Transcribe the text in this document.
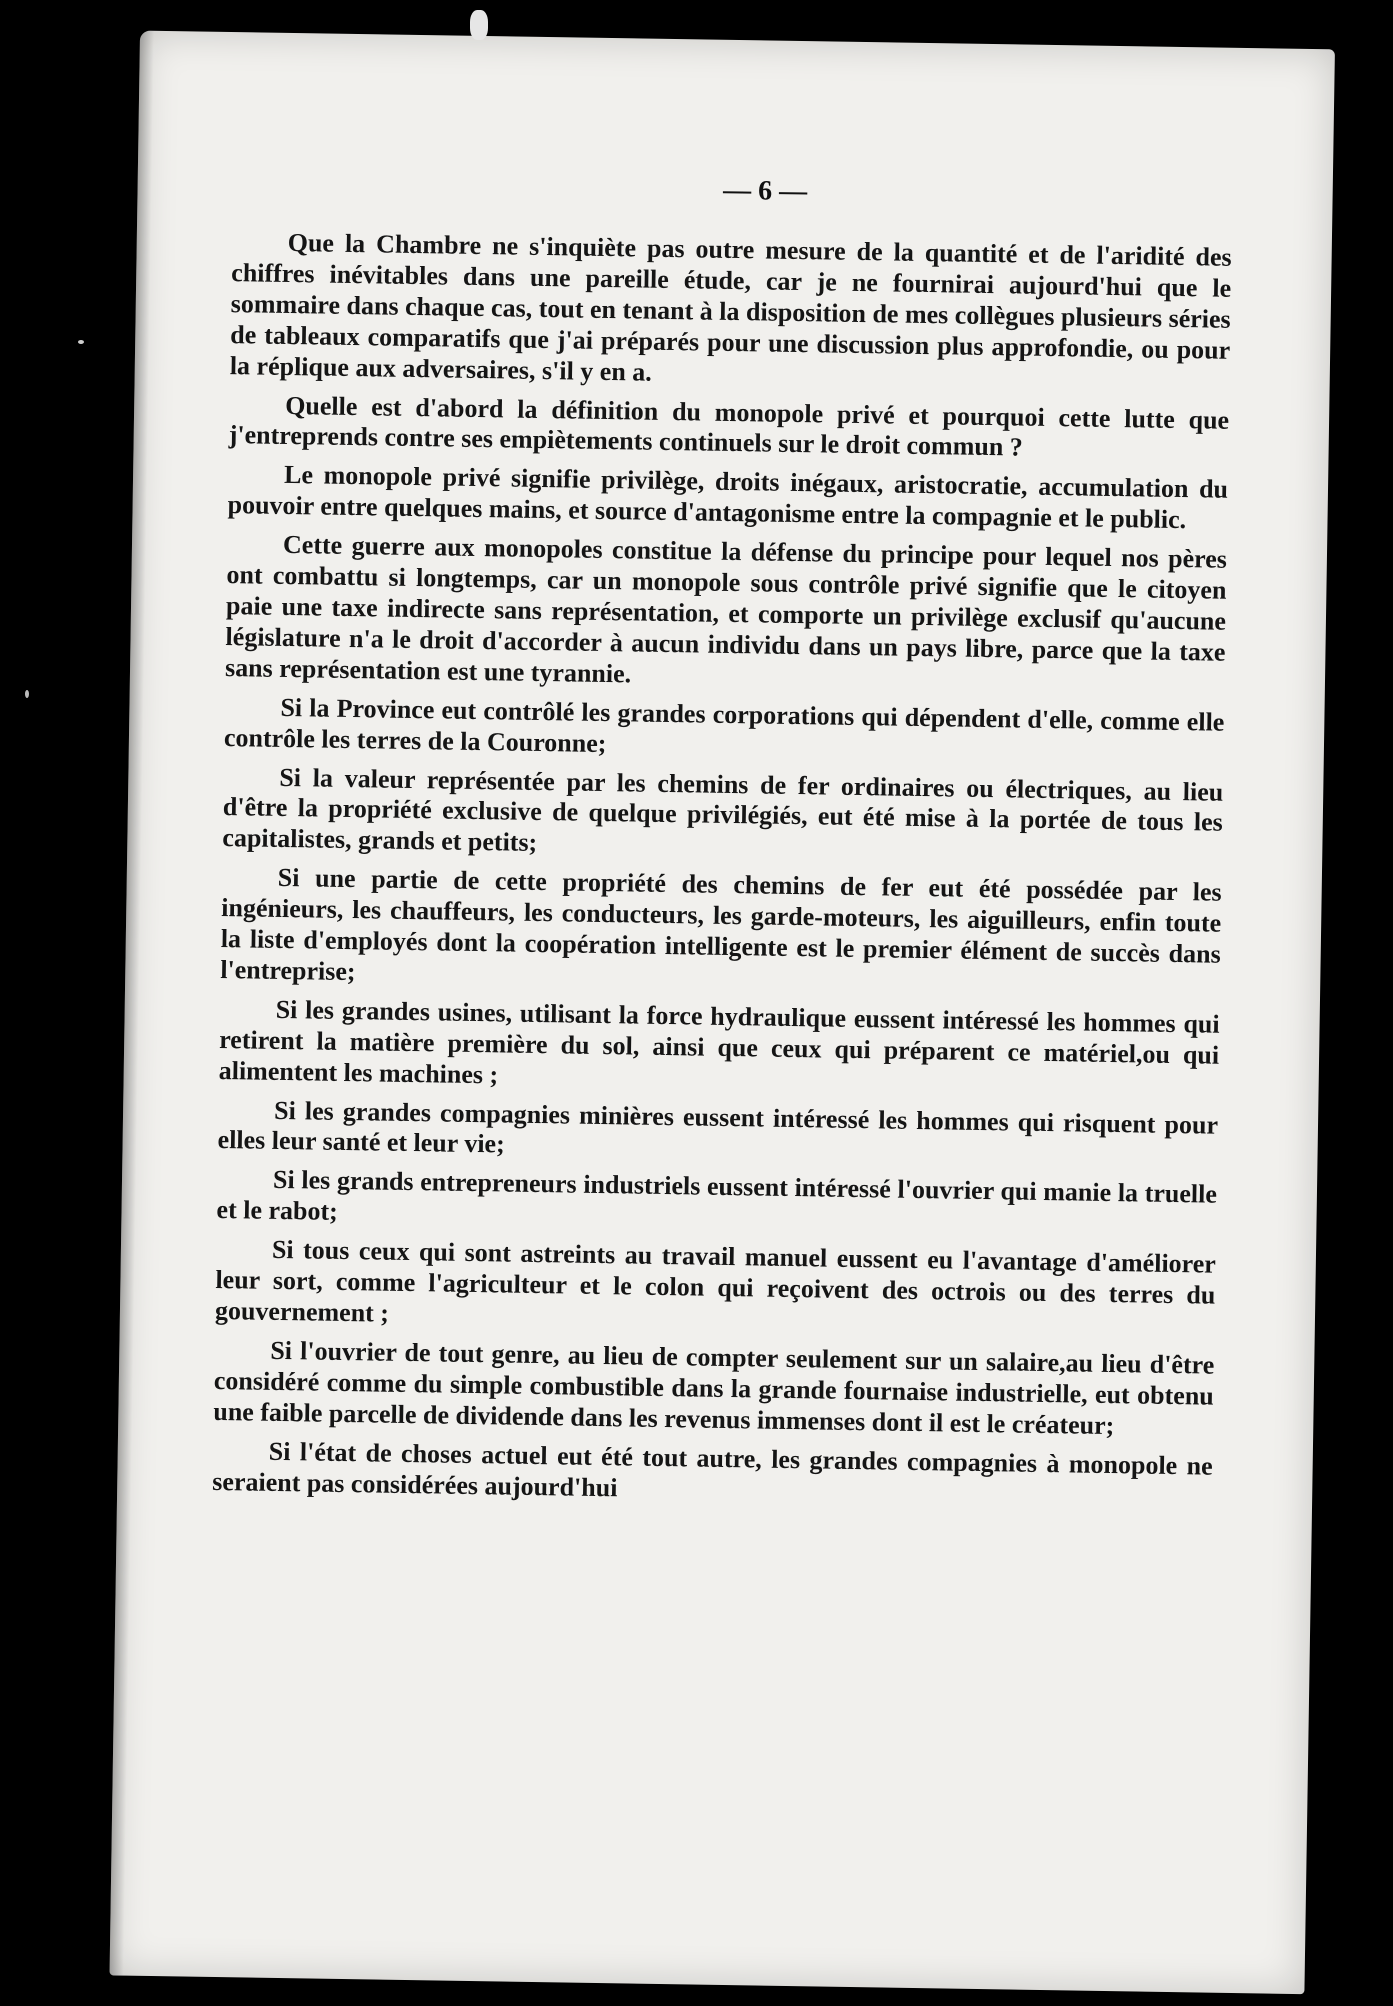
— 6 —

Que la Chambre ne s'inquiète pas outre mesure de la quantité et de l'aridité des chiffres inévitables dans une pareille étude, car je ne fournirai aujourd'hui que le sommaire dans chaque cas, tout en tenant à la disposition de mes collègues plusieurs séries de tableaux comparatifs que j'ai préparés pour une discussion plus approfondie, ou pour la réplique aux adversaires, s'il y en a.

Quelle est d'abord la définition du monopole privé et pourquoi cette lutte que j'entreprends contre ses empiètements continuels sur le droit commun ?

Le monopole privé signifie privilège, droits inégaux, aristocratie, accumulation du pouvoir entre quelques mains, et source d'antagonisme entre la compagnie et le public.

Cette guerre aux monopoles constitue la défense du principe pour lequel nos pères ont combattu si longtemps, car un monopole sous contrôle privé signifie que le citoyen paie une taxe indirecte sans représentation, et comporte un privilège exclusif qu'aucune législature n'a le droit d'accorder à aucun individu dans un pays libre, parce que la taxe sans représentation est une tyrannie.

Si la Province eut contrôlé les grandes corporations qui dépendent d'elle, comme elle contrôle les terres de la Couronne;

Si la valeur représentée par les chemins de fer ordinaires ou électriques, au lieu d'être la propriété exclusive de quelque privilégiés, eut été mise à la portée de tous les capitalistes, grands et petits;

Si une partie de cette propriété des chemins de fer eut été possédée par les ingénieurs, les chauffeurs, les conducteurs, les garde-moteurs, les aiguilleurs, enfin toute la liste d'employés dont la coopération intelligente est le premier élément de succès dans l'entreprise;

Si les grandes usines, utilisant la force hydraulique eussent intéressé les hommes qui retirent la matière première du sol, ainsi que ceux qui préparent ce matériel,ou qui alimentent les machines ;

Si les grandes compagnies minières eussent intéressé les hommes qui risquent pour elles leur santé et leur vie;

Si les grands entrepreneurs industriels eussent intéressé l'ouvrier qui manie la truelle et le rabot;

Si tous ceux qui sont astreints au travail manuel eussent eu l'avantage d'améliorer leur sort, comme l'agriculteur et le colon qui reçoivent des octrois ou des terres du gouvernement ;

Si l'ouvrier de tout genre, au lieu de compter seulement sur un salaire,au lieu d'être considéré comme du simple combustible dans la grande fournaise industrielle, eut obtenu une faible parcelle de dividende dans les revenus immenses dont il est le créateur;

Si l'état de choses actuel eut été tout autre, les grandes compagnies à monopole ne seraient pas considérées aujourd'hui
